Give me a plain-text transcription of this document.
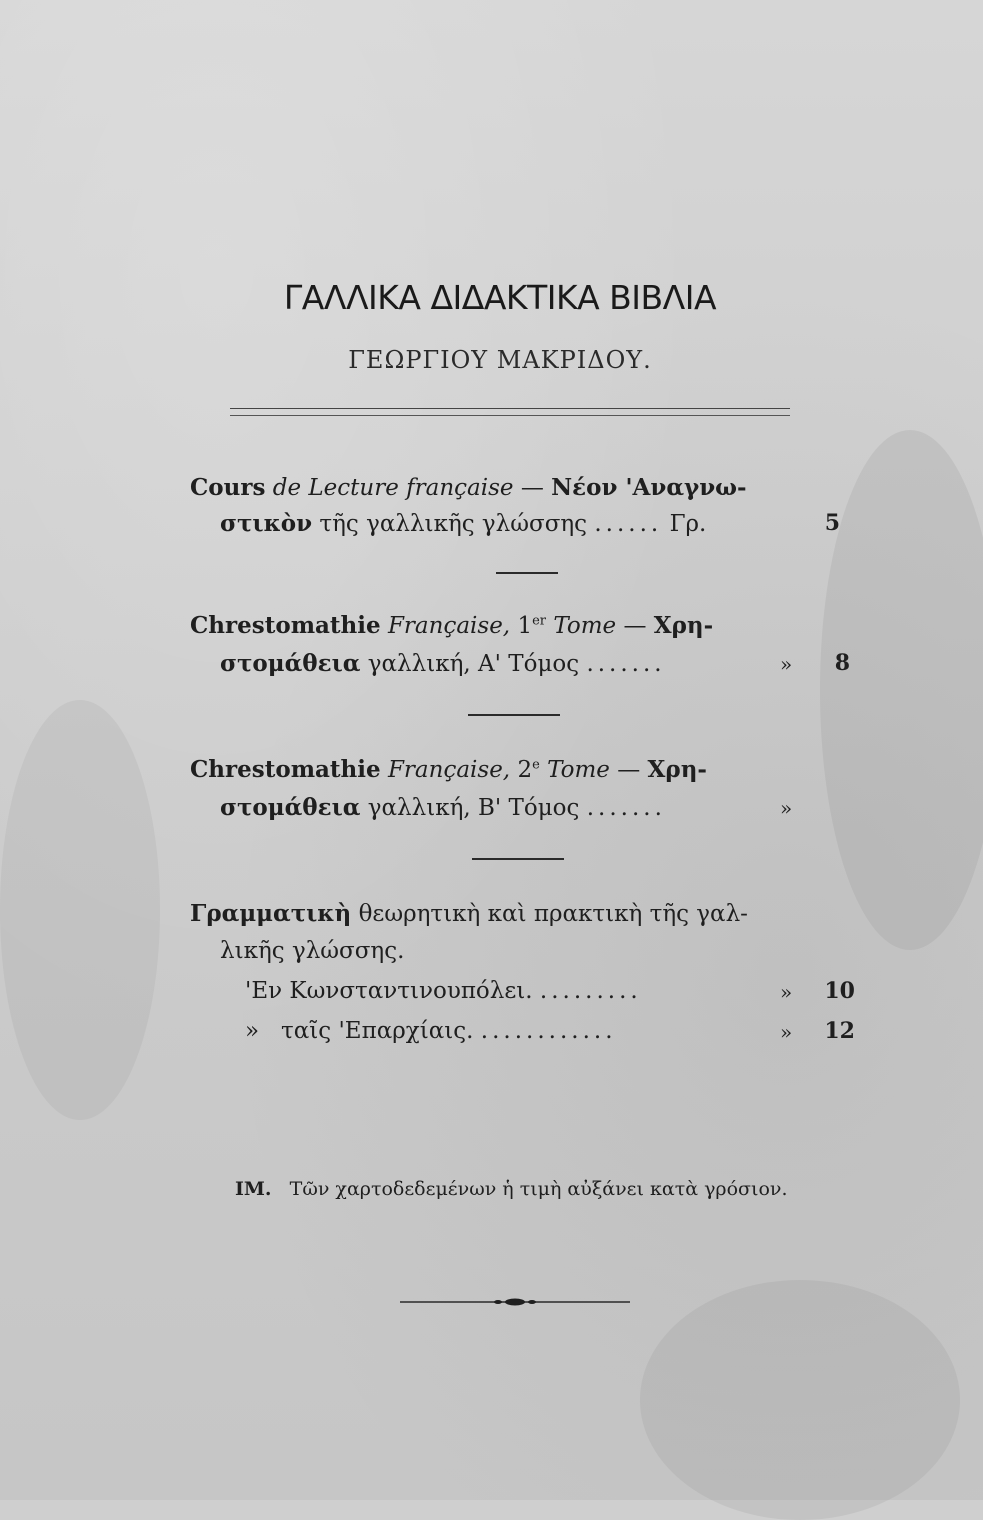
ΓΑΛΛΙΚΑ ΔΙΔΑΚΤΙΚΑ ΒΙΒΛΙΑ
ΓΕΩΡΓΙΟΥ ΜΑΚΡΙΔΟΥ.
Cours de Lecture française — Νέον 'Αναγνω-
στικὸν τῆς γαλλικῆς γλώσσης ...... Γρ.	5
Chrestomathie Française, 1er Tome — Χρη-
στομάθεια γαλλική, Α' Τόμος .......	»	8
Chrestomathie Française, 2e Tome — Χρη-
στομάθεια γαλλική, Β' Τόμος .......	»
Γραμματικὴ θεωρητικὴ καὶ πρακτικὴ τῆς γαλ-
λικῆς γλώσσης.
'Εν Κωνσταντινουπόλει. .........	»	10
» ταῖς 'Επαρχίαις. ............	»	12
ΙΜ. Τῶν χαρτοδεδεμένων ἡ τιμὴ αὐξάνει κατὰ γρόσιον.
